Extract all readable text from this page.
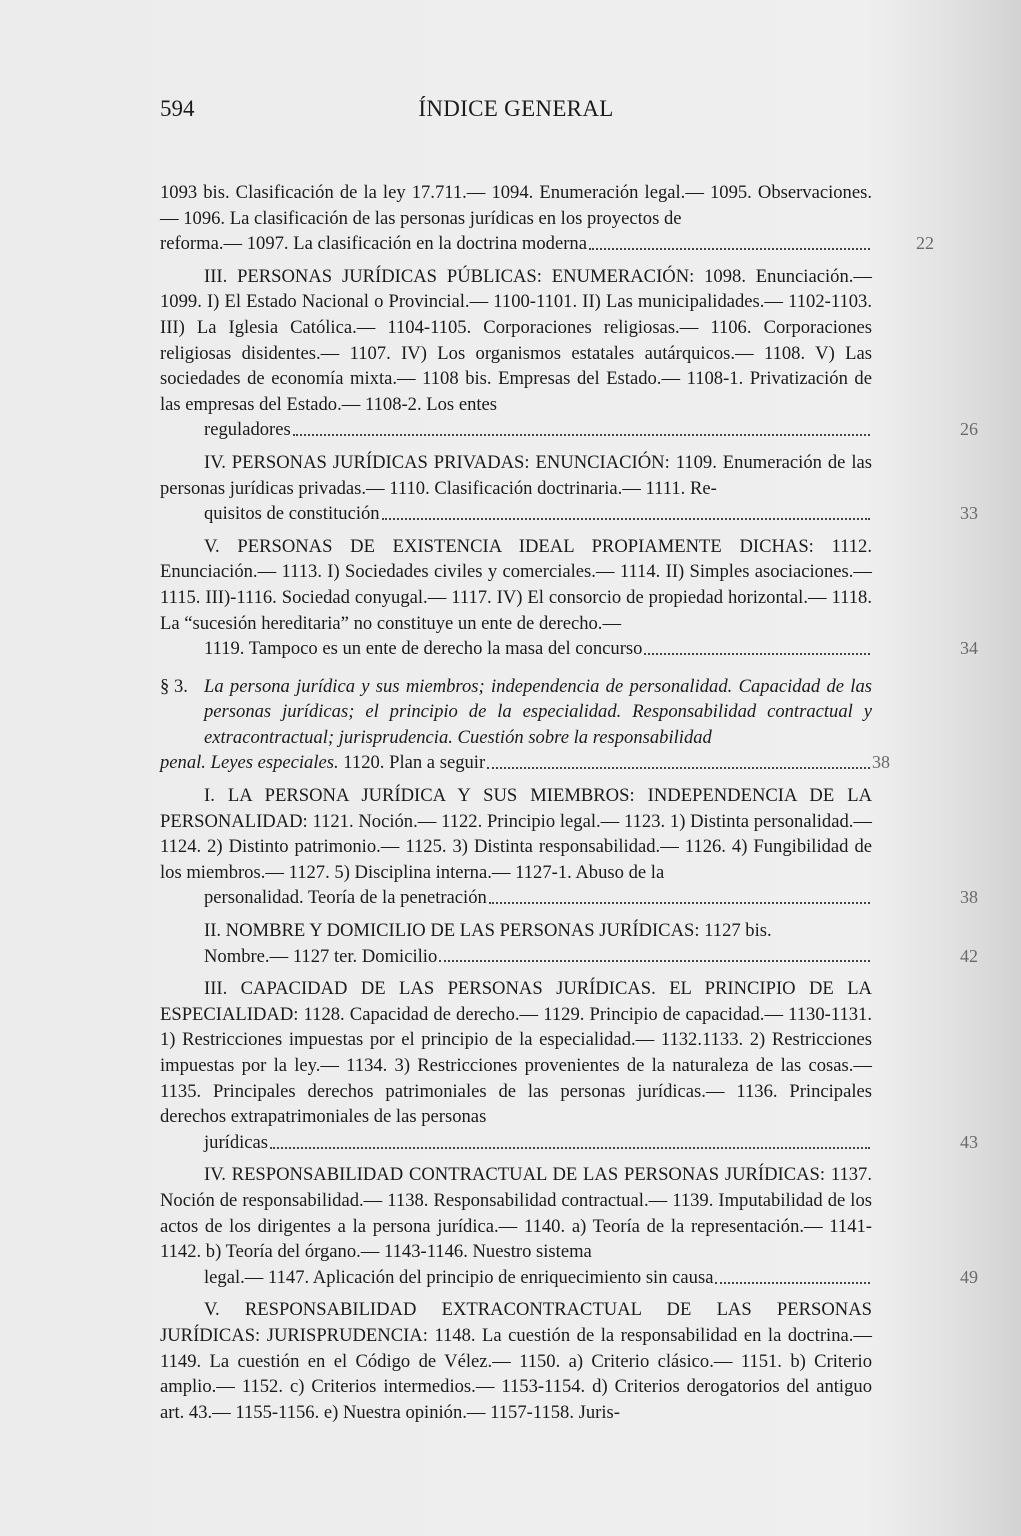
594	ÍNDICE GENERAL

1093 bis. Clasificación de la ley 17.711.— 1094. Enumeración legal.— 1095. Observaciones.— 1096. La clasificación de las personas jurídicas en los proyectos de
reforma.— 1097. La clasificación en la doctrina moderna	22

III. PERSONAS JURÍDICAS PÚBLICAS: ENUMERACIÓN: 1098. Enunciación.— 1099. I) El Estado Nacional o Provincial.— 1100-1101. II) Las municipalidades.— 1102-1103. III) La Iglesia Católica.— 1104-1105. Corporaciones religiosas.— 1106. Corporaciones religiosas disidentes.— 1107. IV) Los organismos estatales autárquicos.— 1108. V) Las sociedades de economía mixta.— 1108 bis. Empresas del Estado.— 1108-1. Privatización de las empresas del Estado.— 1108-2. Los entes
reguladores	26

IV. PERSONAS JURÍDICAS PRIVADAS: ENUNCIACIÓN: 1109. Enumeración de las personas jurídicas privadas.— 1110. Clasificación doctrinaria.— 1111. Re-
quisitos de constitución	33

V. PERSONAS DE EXISTENCIA IDEAL PROPIAMENTE DICHAS: 1112. Enunciación.— 1113. I) Sociedades civiles y comerciales.— 1114. II) Simples asociaciones.— 1115. III)-1116. Sociedad conyugal.— 1117. IV) El consorcio de propiedad horizontal.— 1118. La “sucesión hereditaria” no constituye un ente de derecho.—
1119. Tampoco es un ente de derecho la masa del concurso	34

§ 3. La persona jurídica y sus miembros; independencia de personalidad. Capacidad de las personas jurídicas; el principio de la especialidad. Responsabilidad contractual y extracontractual; jurisprudencia. Cuestión sobre la responsabilidad
penal. Leyes especiales. 1120. Plan a seguir	38

I. LA PERSONA JURÍDICA Y SUS MIEMBROS: INDEPENDENCIA DE LA PERSONALIDAD: 1121. Noción.— 1122. Principio legal.— 1123. 1) Distinta personalidad.— 1124. 2) Distinto patrimonio.— 1125. 3) Distinta responsabilidad.— 1126. 4) Fungibilidad de los miembros.— 1127. 5) Disciplina interna.— 1127-1. Abuso de la
personalidad. Teoría de la penetración	38

II. NOMBRE Y DOMICILIO DE LAS PERSONAS JURÍDICAS: 1127 bis.
Nombre.— 1127 ter. Domicilio	42

III. CAPACIDAD DE LAS PERSONAS JURÍDICAS. EL PRINCIPIO DE LA ESPECIALIDAD: 1128. Capacidad de derecho.— 1129. Principio de capacidad.— 1130-1131. 1) Restricciones impuestas por el principio de la especialidad.— 1132.1133. 2) Restricciones impuestas por la ley.— 1134. 3) Restricciones provenientes de la naturaleza de las cosas.— 1135. Principales derechos patrimoniales de las personas jurídicas.— 1136. Principales derechos extrapatrimoniales de las personas
jurídicas	43

IV. RESPONSABILIDAD CONTRACTUAL DE LAS PERSONAS JURÍDICAS: 1137. Noción de responsabilidad.— 1138. Responsabilidad contractual.— 1139. Imputabilidad de los actos de los dirigentes a la persona jurídica.— 1140. a) Teoría de la representación.— 1141-1142. b) Teoría del órgano.— 1143-1146. Nuestro sistema
legal.— 1147. Aplicación del principio de enriquecimiento sin causa	49

V. RESPONSABILIDAD EXTRACONTRACTUAL DE LAS PERSONAS JURÍDICAS: JURISPRUDENCIA: 1148. La cuestión de la responsabilidad en la doctrina.— 1149. La cuestión en el Código de Vélez.— 1150. a) Criterio clásico.— 1151. b) Criterio amplio.— 1152. c) Criterios intermedios.— 1153-1154. d) Criterios derogatorios del antiguo art. 43.— 1155-1156. e) Nuestra opinión.— 1157-1158. Juris-
